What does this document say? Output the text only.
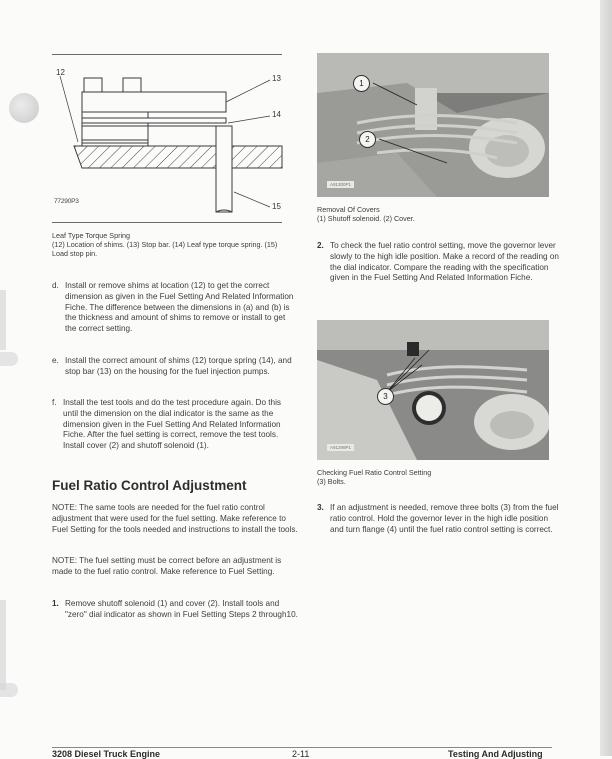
12
13
14
15
77290P3
Leaf Type Torque Spring
(12) Location of shims. (13) Stop bar. (14) Leaf type torque spring. (15) Load stop pin.
d. Install or remove shims at location (12) to get the correct dimension as given in the Fuel Setting And Related Information Fiche. The difference between the dimensions in (a) and (b) is the thickness and amount of shims to remove or install to get the correct setting.
e. Install the correct amount of shims (12) torque spring (14), and stop bar (13) on the housing for the fuel injection pumps.
f. Install the test tools and do the test procedure again. Do this until the dimension on the dial indicator is the same as the dimension given in the Fuel Setting And Related Information Fiche. After the fuel setting is correct, remove the test tools. Install cover (2) and shutoff solenoid (1).
Fuel Ratio Control Adjustment
NOTE: The same tools are needed for the fuel ratio control adjustment that were used for the fuel setting. Make reference to Fuel Setting for the tools needed and instructions to install the tools.
NOTE: The fuel setting must be correct before an adjustment is made to the fuel ratio control. Make reference to Fuel Setting.
1. Remove shutoff solenoid (1) and cover (2). Install tools and "zero" dial indicator as shown in Fuel Setting Steps 2 through10.
1
2
A91300P1
Removal Of Covers
(1) Shutoff solenoid. (2) Cover.
2. To check the fuel ratio control setting, move the governor lever slowly to the high idle position. Make a record of the reading on the dial indicator. Compare the reading with the specification given in the Fuel Setting And Related Information Fiche.
3
A91299P1
Checking Fuel Ratio Control Setting
(3) Bolts.
3. If an adjustment is needed, remove three bolts (3) from the fuel ratio control. Hold the governor lever in the high idle position and turn flange (4) until the fuel ratio control setting is correct.
3208 Diesel Truck Engine	2-11	Testing And Adjusting
